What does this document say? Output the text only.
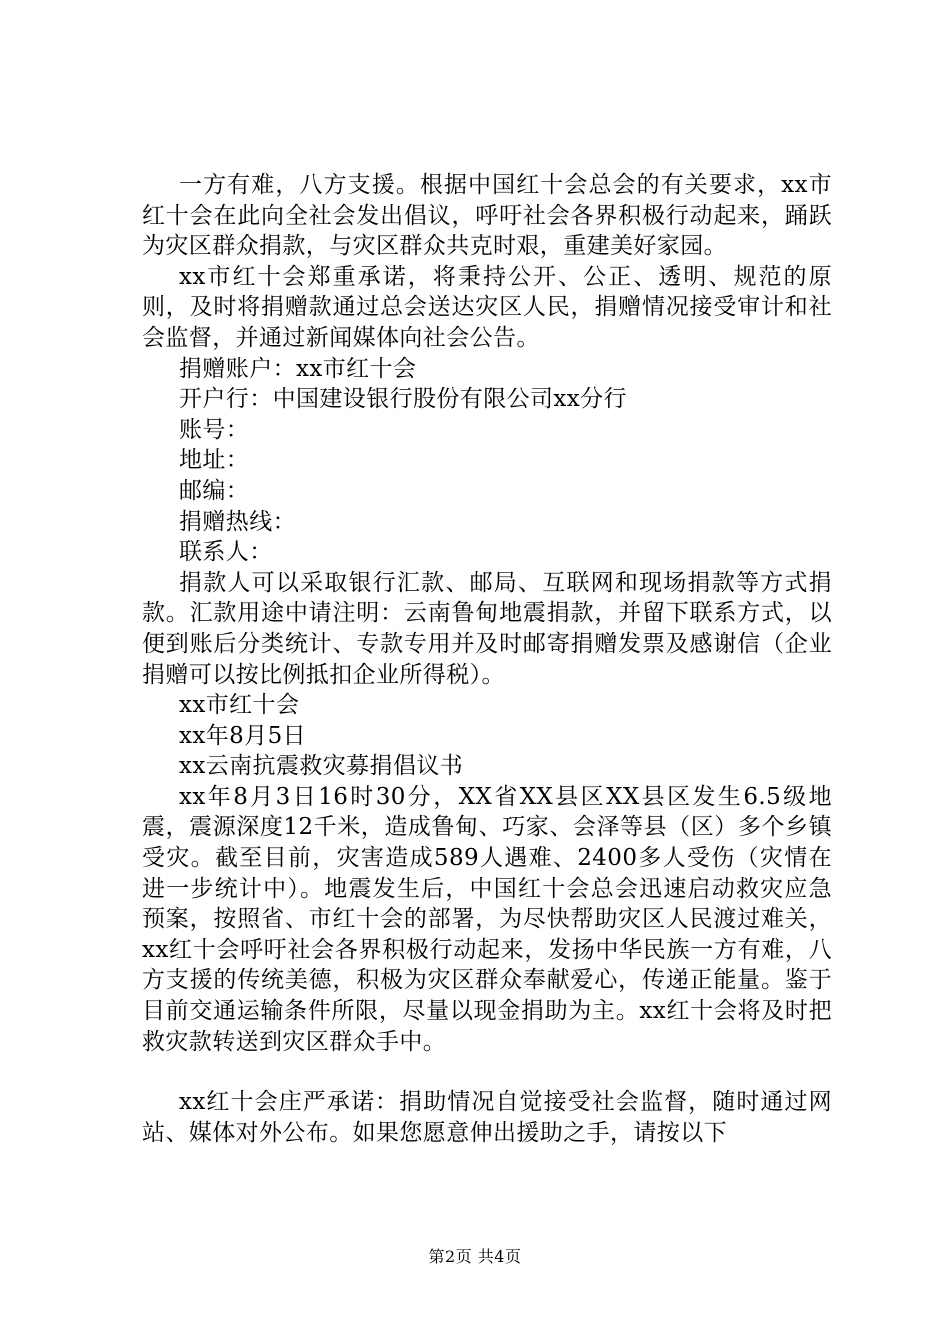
一方有难，八方支援。根据中国红十会总会的有关要求，xx市红十会在此向全社会发出倡议，呼吁社会各界积极行动起来，踊跃为灾区群众捐款，与灾区群众共克时艰，重建美好家园。

xx市红十会郑重承诺，将秉持公开、公正、透明、规范的原则，及时将捐赠款通过总会送达灾区人民，捐赠情况接受审计和社会监督，并通过新闻媒体向社会公告。

捐赠账户：xx市红十会

开户行：中国建设银行股份有限公司xx分行

账号：

地址：

邮编：

捐赠热线：

联系人：

捐款人可以采取银行汇款、邮局、互联网和现场捐款等方式捐款。汇款用途中请注明：云南鲁甸地震捐款，并留下联系方式，以便到账后分类统计、专款专用并及时邮寄捐赠发票及感谢信（企业捐赠可以按比例抵扣企业所得税）。

xx市红十会

xx年8月5日

xx云南抗震救灾募捐倡议书

xx年8月3日16时30分，XX省XX县区XX县区发生6.5级地震，震源深度12千米，造成鲁甸、巧家、会泽等县（区）多个乡镇受灾。截至目前，灾害造成589人遇难、2400多人受伤（灾情在进一步统计中）。地震发生后，中国红十会总会迅速启动救灾应急预案，按照省、市红十会的部署，为尽快帮助灾区人民渡过难关，xx红十会呼吁社会各界积极行动起来，发扬中华民族一方有难，八方支援的传统美德，积极为灾区群众奉献爱心，传递正能量。鉴于目前交通运输条件所限，尽量以现金捐助为主。xx红十会将及时把救灾款转送到灾区群众手中。

xx红十会庄严承诺：捐助情况自觉接受社会监督，随时通过网站、媒体对外公布。如果您愿意伸出援助之手，请按以下

第2页 共4页
